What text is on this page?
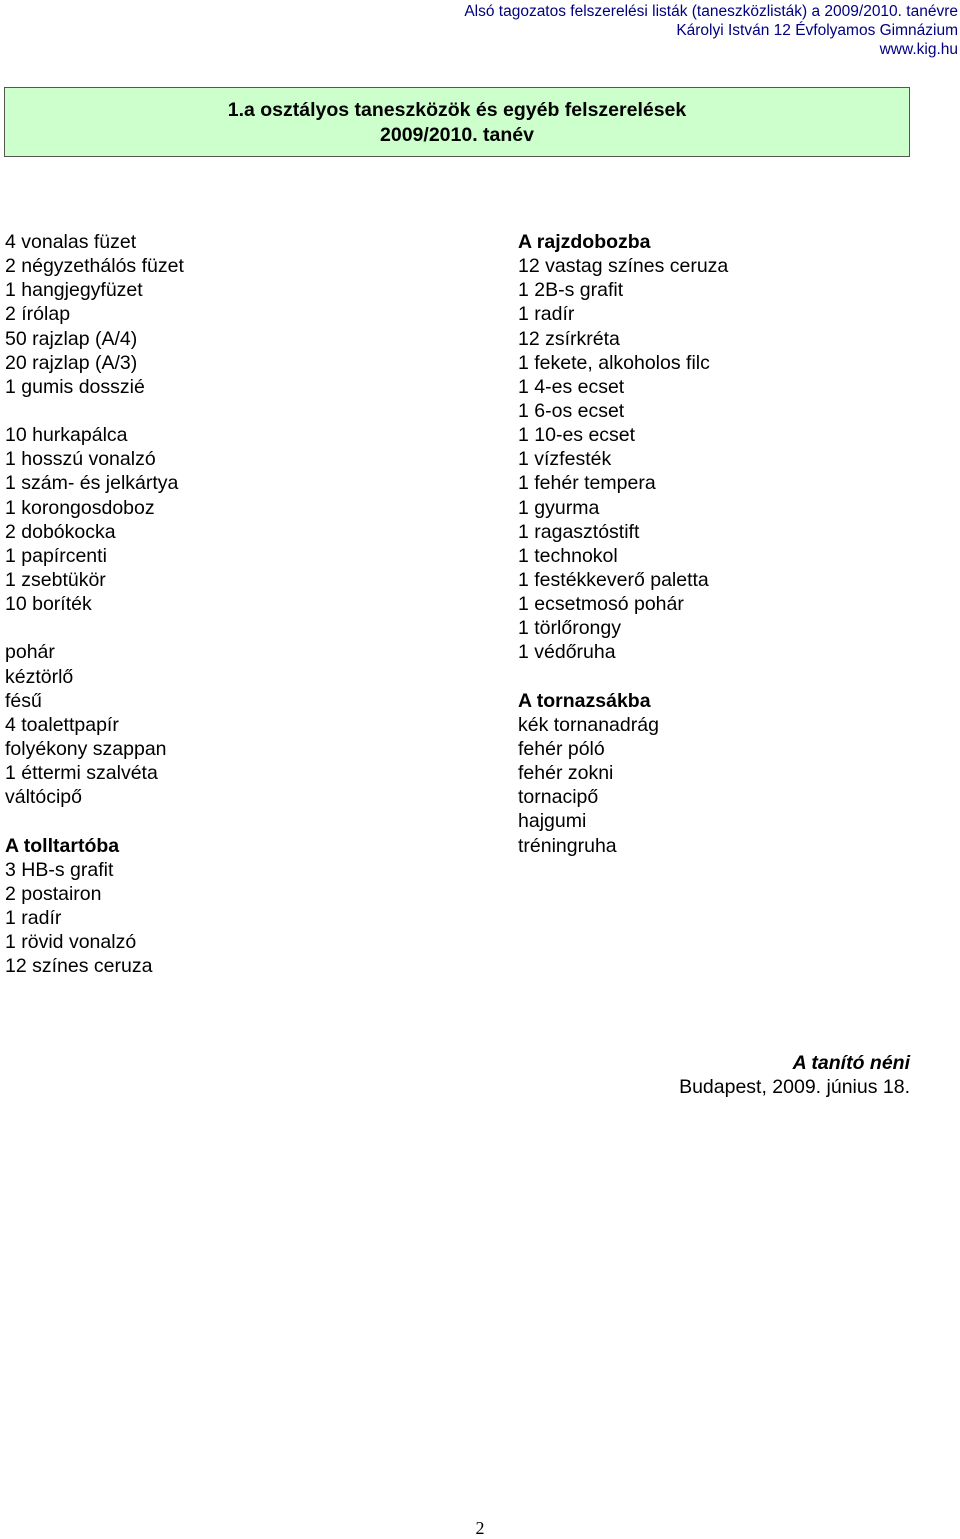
Alsó tagozatos felszerelési listák (taneszközlisták) a 2009/2010. tanévre
Károlyi István 12 Évfolyamos Gimnázium
www.kig.hu
1.a osztályos taneszközök és egyéb felszerelések
2009/2010. tanév
4 vonalas füzet
2 négyzethálós füzet
1 hangjegyfüzet
2 írólap
50 rajzlap (A/4)
20 rajzlap (A/3)
1 gumis dosszié
10 hurkapálca
1 hosszú vonalzó
1 szám- és jelkártya
1 korongosdoboz
2 dobókocka
1 papírcenti
1 zsebtükör
10 boríték
pohár
kéztörlő
fésű
4 toalettpapír
folyékony szappan
1 éttermi szalvéta
váltócipő
A tolltartóba
3 HB-s grafit
2 postairon
1 radír
1 rövid vonalzó
12 színes ceruza
A rajzdobozba
12 vastag színes ceruza
1 2B-s grafit
1 radír
12 zsírkréta
1 fekete, alkoholos filc
1 4-es ecset
1 6-os ecset
1 10-es ecset
1 vízfesték
1 fehér tempera
1 gyurma
1 ragasztóstift
1 technokol
1 festékkeverő paletta
1 ecsetmosó pohár
1 törlőrongy
1 védőruha
A tornazsákba
kék tornanadrág
fehér póló
fehér zokni
tornacipő
hajgumi
tréningruha
A tanító néni
Budapest, 2009. június 18.
2
